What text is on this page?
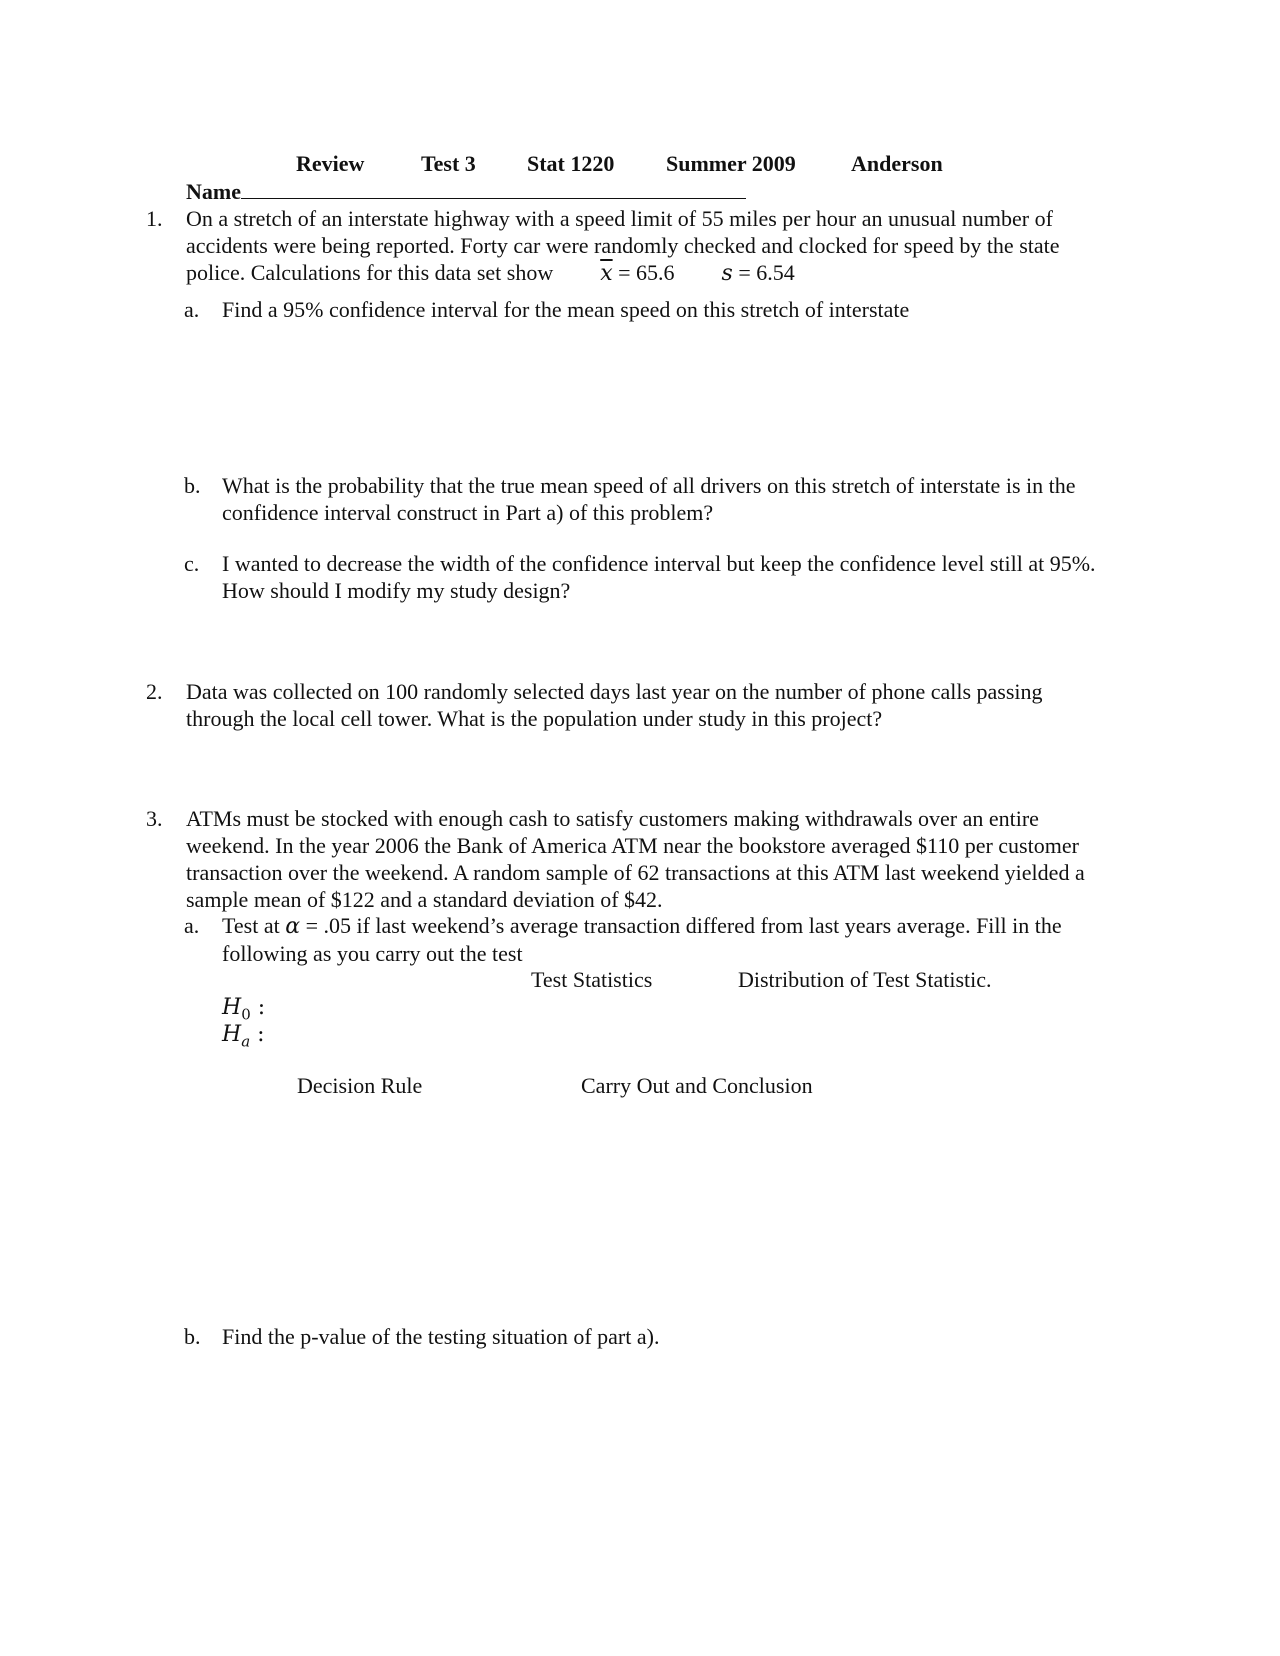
Review	Test 3 Stat 1220 Summer 2009	Anderson
Name
1. On a stretch of an interstate highway with a speed limit of 55 miles per hour an unusual number of accidents were being reported. Forty car were randomly checked and clocked for speed by the state police. Calculations for this data set show $\overline{x} = 65.6$ s = 6.54
a. Find a 95% confidence interval for the mean speed on this stretch of interstate
b. What is the probability that the true mean speed of all drivers on this stretch of interstate is in the confidence interval construct in Part a) of this problem?
c. I wanted to decrease the width of the confidence interval but keep the confidence level still at 95%. How should I modify my study design?
2. Data was collected on 100 randomly selected days last year on the number of phone calls passing through the local cell tower. What is the population under study in this project?
3. ATMs must be stocked with enough cash to satisfy customers making withdrawals over an entire weekend. In the year 2006 the Bank of America ATM near the bookstore averaged $110 per customer transaction over the weekend. A random sample of 62 transactions at this ATM last weekend yielded a sample mean of $122 and a standard deviation of $42.
a. Test at α = .05 if last weekend’s average transaction differed from last years average. Fill in the following as you carry out the test
Test Statistics	Distribution of Test Statistic.
$H_0$ :
$H_a$ :
Decision Rule	Carry Out and Conclusion
b. Find the p-value of the testing situation of part a).
